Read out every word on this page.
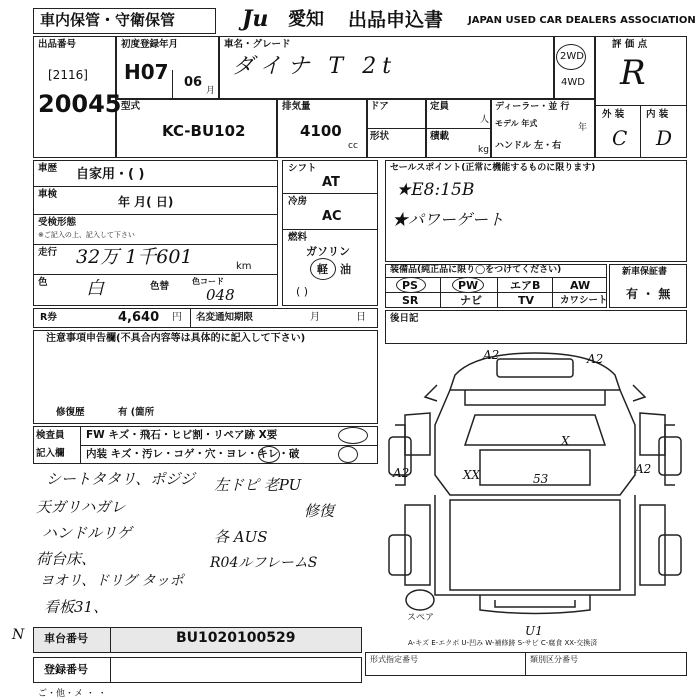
車内保管・守衛保管	Ju 愛知 出品申込書 JAPAN USED CAR DEALERS ASSOCIATION
出品番号
[2116]
20045
初度登録年月
H07 06
月
車名・グレード
ダイナ T 2t	2WD
4WD
評 価 点
R
外 装 内 装
C D
型式
KC-BU102
排気量
4100
cc
ドア
形状
定員
人
積載
kg
ディーラー・並 行
モデル 年式	年
ハンドル 左・右
車歴 自家用・( )
車検
年 月( 日)
受検形態
※ご記入の上、記入して下さい
走行 32万 1千601	km
色 白	色替	色コード
048
シフト
AT
冷房
AC
燃料
ガソリン
軽 油
( )
セールスポイント(正常に機能するものに限ります)
★E8:15B
★パワーゲート
装備品(純正品に限り◯をつけてください)
PS	PW	エアB	AW
SR	ナビ	TV	カワシート
新車保証書
有 ・ 無
R券	4,640 円 名変通知期限	月	日	後日記
注意事項申告欄(不具合内容等は具体的に記入して下さい)
修復歴	有 (箇所
検査員
記入欄
FW キズ・飛石・ヒビ割・リペア跡 X要
内装 キズ・汚レ・コゲ・穴・ヨレ・キレ・破
シートタタリ、ポジジ
天ガリハガレ
ハンドルリゲ
荷台床、
ヨオリ、ドリグ タッポ
看板31、
左ドピ 老PU
修復
各 AUS
R04ルフレームS
A2	A2
A2	XX	53
X
A2
U1
スペア
A-キズ E-エクボ U-凹み W-補修跡 S-サビ C-腐食 XX-交換済
N 車台番号	BU1020100529
登録番号
形式指定番号	類別区分番号
ご・他・メ ・ ・
